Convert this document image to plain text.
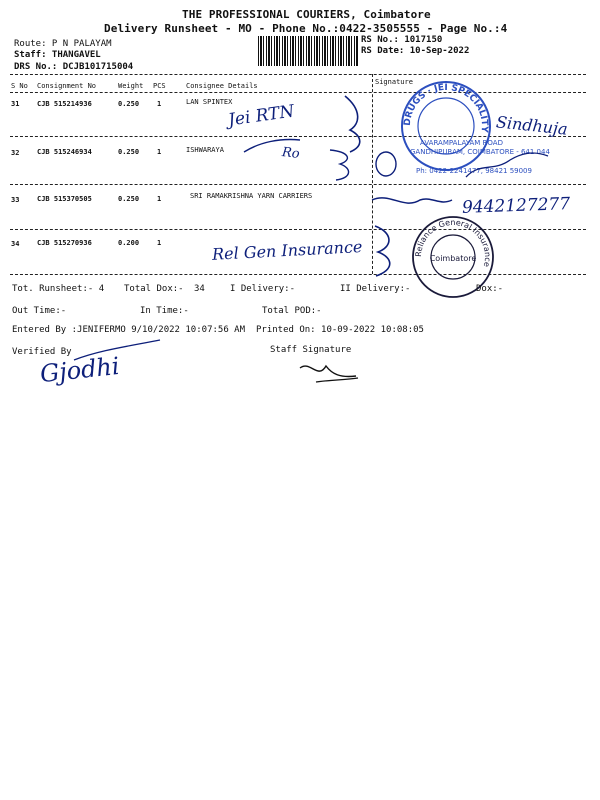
THE PROFESSIONAL COURIERS, Coimbatore
Delivery Runsheet - MO - Phone No.:0422-3505555 - Page No.:4
Route: P N PALAYAM
Staff: THANGAVEL
DRS No.: DCJB101715004
RS No.: 1017150
RS Date: 10-Sep-2022
S No Consignment No	Weight PCS	Consignee Details	Signature
31	CJB 515214936	0.250	1	LAN SPINTEX
32	CJB 515246934	0.250	1	ISHWARAYA
33	CJB 515370505	0.250	1	SRI RAMAKRISHNA YARN CARRIERS
34	CJB 515270936	0.200	1
DRUGS · JEI SPECIALITY
AVARAMPALAYAM ROAD
GANDHIPURAM, COIMBATORE - 641 044
Ph: 0422-2241477, 98421 59009
Reliance General Insurance
Coimbatore
Jei RTN
Ro
9442127277
Rel Gen Insurance
Sindhuja
Gjodhi
Tot. Runsheet:- 4 Total Dox:- 34	I Delivery:-	II Delivery:-	Dox:-
Out Time:-	In Time:-	Total POD:-
Entered By :JENIFERMO 9/10/2022 10:07:56 AM Printed On: 10-09-2022 10:08:05
Verified By	Staff Signature
